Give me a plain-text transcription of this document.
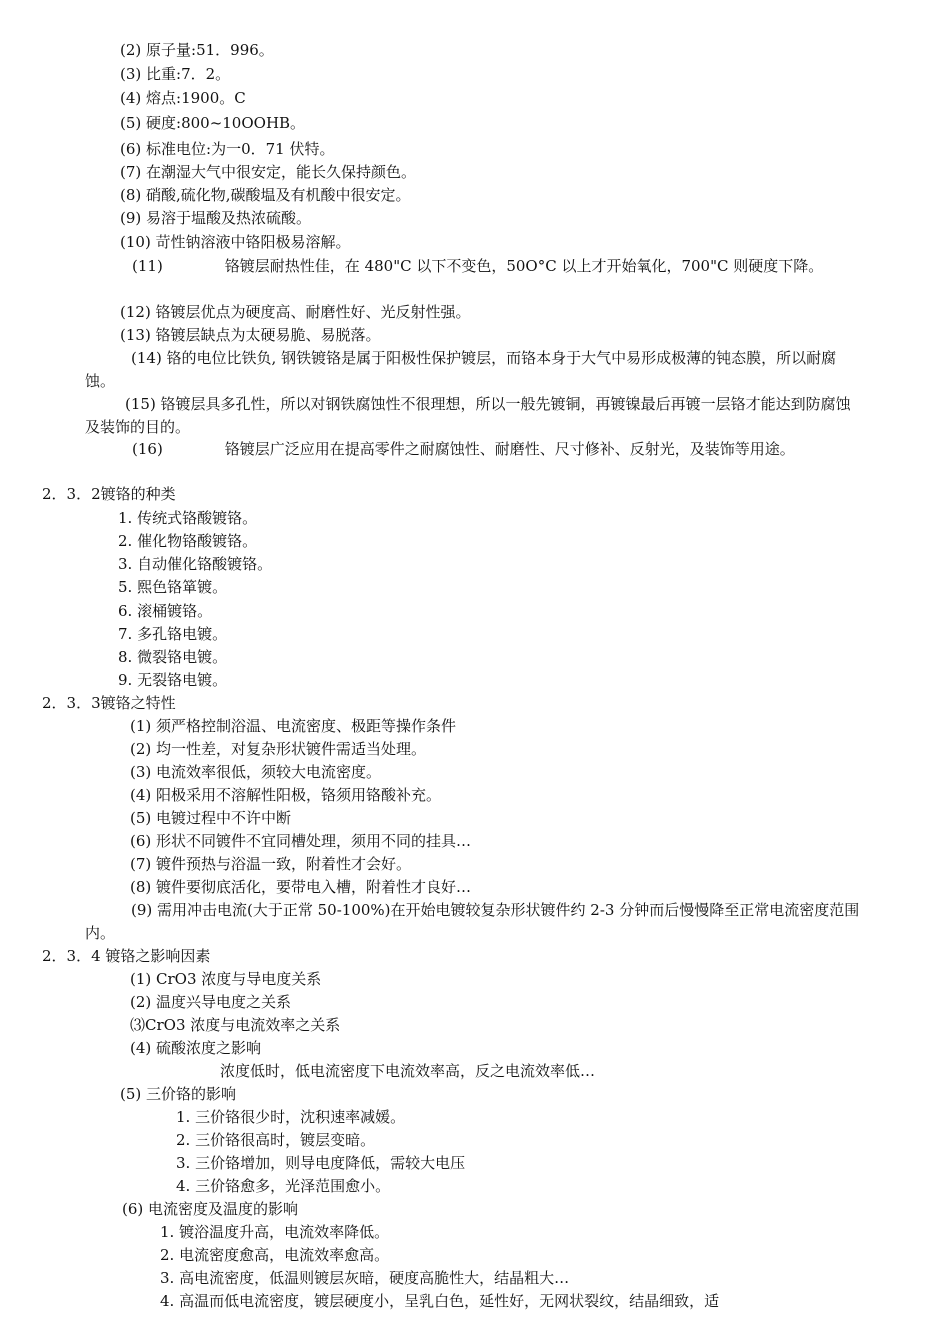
(2) 原子量:51．996。
(3) 比重:7．2。
(4) 熔点:1900。C
(5) 硬度:800~10OOHB。
(6) 标准电位:为一0．71 伏特。
(7) 在潮湿大气中很安定，能长久保持颜色。
(8) 硝酸,硫化物,碳酸塭及有机酸中很安定。
(9) 易溶于塭酸及热浓硫酸。
(10) 苛性钠溶液中铬阳极易溶解。
(11)	铬镀层耐热性佳，在 480"C 以下不变色，50O°C 以上才开始氧化，700"C 则硬度下降。
(12) 铬镀层优点为硬度高、耐磨性好、光反射性强。
(13) 铬镀层缺点为太硬易脆、易脱落。
(14) 铬的电位比铁负, 钢铁镀铬是属于阳极性保护镀层，而铬本身于大气中易形成极薄的钝态膜，所以耐腐蚀。
(15) 铬镀层具多孔性，所以对钢铁腐蚀性不很理想，所以一般先镀铜，再镀镍最后再镀一层铬才能达到防腐蚀及装饰的目的。
(16)	铬镀层广泛应用在提高零件之耐腐蚀性、耐磨性、尺寸修补、反射光，及装饰等用途。
2．3．2镀铬的种类
1. 传统式铬酸镀铬。
2. 催化物铬酸镀铬。
3. 自动催化铬酸镀铬。
5. 熙色铬箪镀。
6. 滚桶镀铬。
7. 多孔铬电镀。
8. 微裂铬电镀。
9. 无裂铬电镀。
2．3．3镀铬之特性
(1) 须严格控制浴温、电流密度、极距等操作条件
(2) 均一性差，对复杂形状镀件需适当处理。
(3) 电流效率很低，须较大电流密度。
(4) 阳极采用不溶解性阳极，铬须用铬酸补充。
(5) 电镀过程中不许中断
(6) 形状不同镀件不宜同槽处理，须用不同的挂具…
(7) 镀件预热与浴温一致，附着性才会好。
(8) 镀件要彻底活化，要带电入槽，附着性才良好…
(9) 需用冲击电流(大于正常 50-100%)在开始电镀较复杂形状镀件约 2-3 分钟而后慢慢降至正常电流密度范围内。
2．3．4 镀铬之影响因素
(1) CrO3 浓度与导电度关系
(2) 温度兴导电度之关系
⑶CrO3 浓度与电流效率之关系
(4) 硫酸浓度之影响
浓度低时，低电流密度下电流效率高，反之电流效率低…
(5) 三价铬的影响
1. 三价铬很少时，沈积速率减媛。
2. 三价铬很高时，镀层变暗。
3. 三价铬增加，则导电度降低，需较大电压
4. 三价铬愈多，光泽范围愈小。
(6) 电流密度及温度的影响
1. 镀浴温度升高，电流效率降低。
2. 电流密度愈高，电流效率愈高。
3. 高电流密度，低温则镀层灰暗，硬度高脆性大，结晶粗大…
4. 高温而低电流密度，镀层硬度小，呈乳白色，延性好，无网状裂纹，结晶细致，适
